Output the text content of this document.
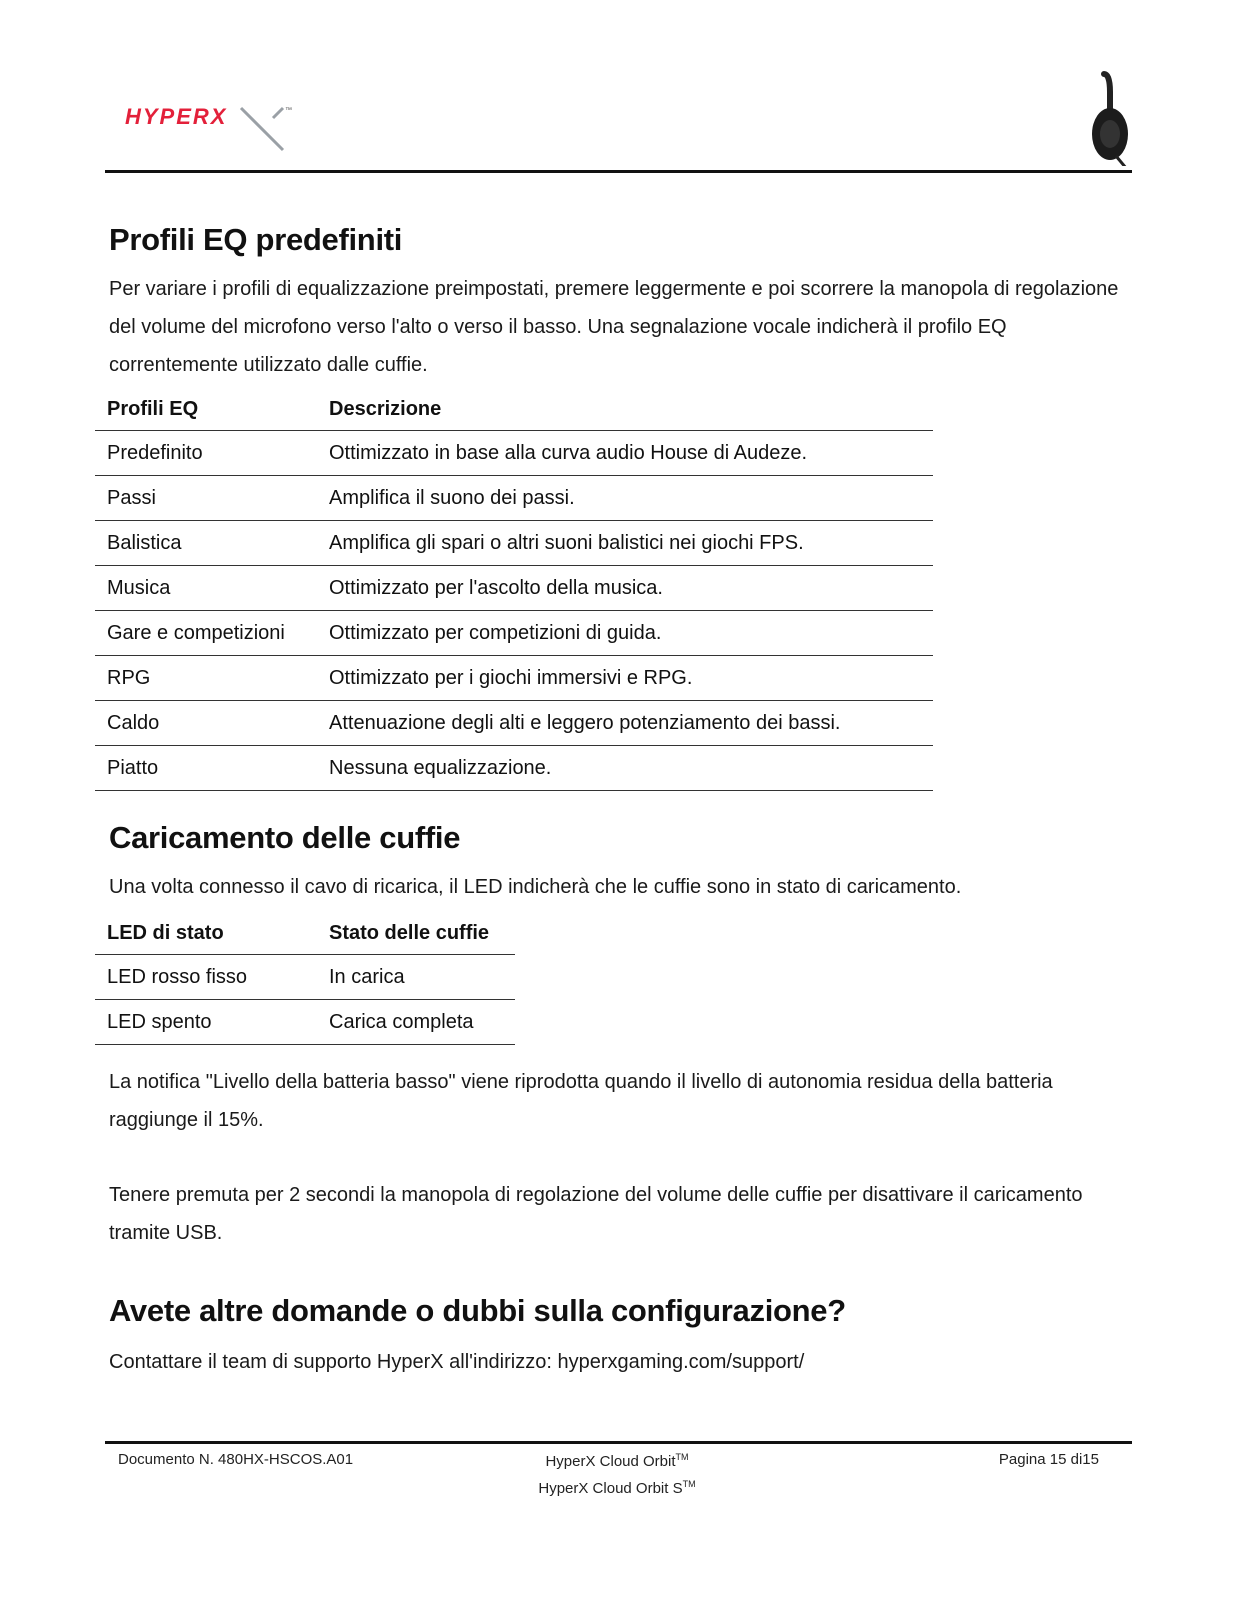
HYPERX	™
Profili EQ predefiniti

Per variare i profili di equalizzazione preimpostati, premere leggermente e poi scorrere la manopola di regolazione del volume del microfono verso l'alto o verso il basso. Una segnalazione vocale indicherà il profilo EQ correntemente utilizzato dalle cuffie.

Profili EQ	Descrizione
Predefinito	Ottimizzato in base alla curva audio House di Audeze.
Passi	Amplifica il suono dei passi.
Balistica	Amplifica gli spari o altri suoni balistici nei giochi FPS.
Musica	Ottimizzato per l'ascolto della musica.
Gare e competizioni	Ottimizzato per competizioni di guida.
RPG	Ottimizzato per i giochi immersivi e RPG.
Caldo	Attenuazione degli alti e leggero potenziamento dei bassi.
Piatto	Nessuna equalizzazione.
Caricamento delle cuffie

Una volta connesso il cavo di ricarica, il LED indicherà che le cuffie sono in stato di caricamento.

LED di stato	Stato delle cuffie
LED rosso fisso	In carica
LED spento	Carica completa

La notifica "Livello della batteria basso" viene riprodotta quando il livello di autonomia residua della batteria raggiunge il 15%.

Tenere premuta per 2 secondi la manopola di regolazione del volume delle cuffie per disattivare il caricamento tramite USB.

Avete altre domande o dubbi sulla configurazione?

Contattare il team di supporto HyperX all'indirizzo: hyperxgaming.com/support/

Documento N. 480HX-HSCOS.A01	HyperX Cloud Orbit™
HyperX Cloud Orbit S™
Pagina 15 di15
